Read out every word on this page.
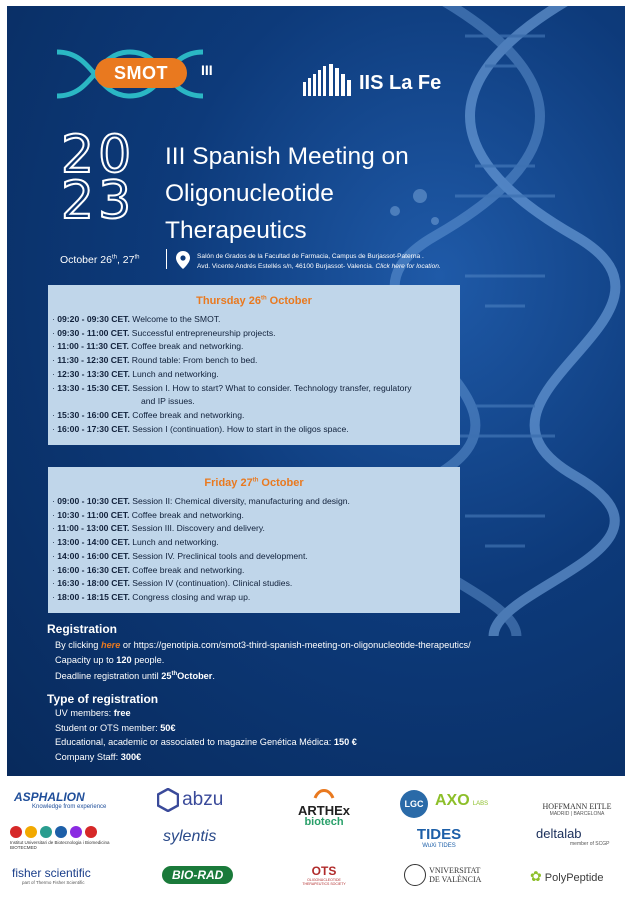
SMOT	III
IIS La Fe
20 23
III Spanish Meeting on
Oligonucleotide
Therapeutics
October 26th, 27th	Salón de Grados de la Facultad de Farmacia, Campus de Burjassot-Paterna .
Avd. Vicente Andrés Estellés s/n, 46100 Burjassot- Valencia. Click here for location.
Thursday 26th October
· 09:20 - 09:30 CET. Welcome to the SMOT.
· 09:30 - 11:00 CET. Successful entrepreneurship projects.
· 11:00 - 11:30 CET. Coffee break and networking.
· 11:30 - 12:30 CET. Round table: From bench to bed.
· 12:30 - 13:30 CET. Lunch and networking.
· 13:30 - 15:30 CET. Session I. How to start? What to consider. Technology transfer, regulatory
and IP issues.
· 15:30 - 16:00 CET. Coffee break and networking.
· 16:00 - 17:30 CET. Session I (continuation). How to start in the oligos space.
Friday 27th October
· 09:00 - 10:30 CET. Session II: Chemical diversity, manufacturing and design.
· 10:30 - 11:00 CET. Coffee break and networking.
· 11:00 - 13:00 CET. Session III. Discovery and delivery.
· 13:00 - 14:00 CET. Lunch and networking.
· 14:00 - 16:00 CET. Session IV. Preclinical tools and development.
· 16:00 - 16:30 CET. Coffee break and networking.
· 16:30 - 18:00 CET. Session IV (continuation). Clinical studies.
· 18:00 - 18:15 CET. Congress closing and wrap up.
Registration
By clicking here or https://genotipia.com/smot3-third-spanish-meeting-on-oligonucleotide-therapeutics/
Capacity up to 120 people.
Deadline registration until 25thOctober.
Type of registration
UV members: free
Student or OTS member: 50€
Educational, academic or associated to magazine Genética Médica: 150 €
Company Staff: 300€
ASPHALION
Knowledge from experience	abzu
ARTHEx
biotech
LGC AXO LABS	HOFFMANN EITLE
MADRID | BARCELONA

Institut Universitari de Biotecnologia i Biomedicina BIOTECMED
sylentis	TIDES
WuXi TIDES
deltalab
member of SCGP
fisher scientific
part of Thermo Fisher Scientific
BIO-RAD	OTS
OLIGONUCLEOTIDE THERAPEUTICS SOCIETY
VNIVERSITAT
DE VALÈNCIA	✿ PolyPeptide
